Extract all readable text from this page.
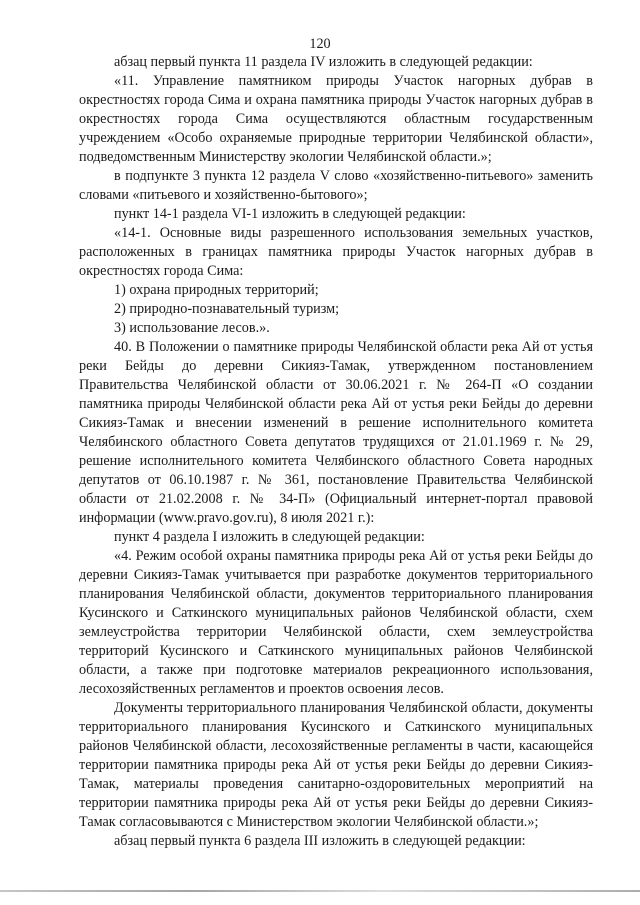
120

абзац первый пункта 11 раздела IV изложить в следующей редакции:

«11. Управление памятником природы Участок нагорных дубрав в окрестностях города Сима и охрана памятника природы Участок нагорных дубрав в окрестностях города Сима осуществляются областным государственным учреждением «Особо охраняемые природные территории Челябинской области», подведомственным Министерству экологии Челябинской области.»;

в подпункте 3 пункта 12 раздела V слово «хозяйственно-питьевого» заменить словами «питьевого и хозяйственно-бытового»;

пункт 14-1 раздела VI-1 изложить в следующей редакции:

«14-1. Основные виды разрешенного использования земельных участков, расположенных в границах памятника природы Участок нагорных дубрав в окрестностях города Сима:

1) охрана природных территорий;

2) природно-познавательный туризм;

3) использование лесов.».

40. В Положении о памятнике природы Челябинской области река Ай от устья реки Бейды до деревни Сикияз-Тамак, утвержденном постановлением Правительства Челябинской области от 30.06.2021 г. № 264-П «О создании памятника природы Челябинской области река Ай от устья реки Бейды до деревни Сикияз-Тамак и внесении изменений в решение исполнительного комитета Челябинского областного Совета депутатов трудящихся от 21.01.1969 г. № 29, решение исполнительного комитета Челябинского областного Совета народных депутатов от 06.10.1987 г. № 361, постановление Правительства Челябинской области от 21.02.2008 г. № 34-П» (Официальный интернет-портал правовой информации (www.pravo.gov.ru), 8 июля 2021 г.):

пункт 4 раздела I изложить в следующей редакции:

«4. Режим особой охраны памятника природы река Ай от устья реки Бейды до деревни Сикияз-Тамак учитывается при разработке документов территориального планирования Челябинской области, документов территориального планирования Кусинского и Саткинского муниципальных районов Челябинской области, схем землеустройства территории Челябинской области, схем землеустройства территорий Кусинского и Саткинского муниципальных районов Челябинской области, а также при подготовке материалов рекреационного использования, лесохозяйственных регламентов и проектов освоения лесов.

Документы территориального планирования Челябинской области, документы территориального планирования Кусинского и Саткинского муниципальных районов Челябинской области, лесохозяйственные регламенты в части, касающейся территории памятника природы река Ай от устья реки Бейды до деревни Сикияз-Тамак, материалы проведения санитарно-оздоровительных мероприятий на территории памятника природы река Ай от устья реки Бейды до деревни Сикияз-Тамак согласовываются с Министерством экологии Челябинской области.»;

абзац первый пункта 6 раздела III изложить в следующей редакции:
